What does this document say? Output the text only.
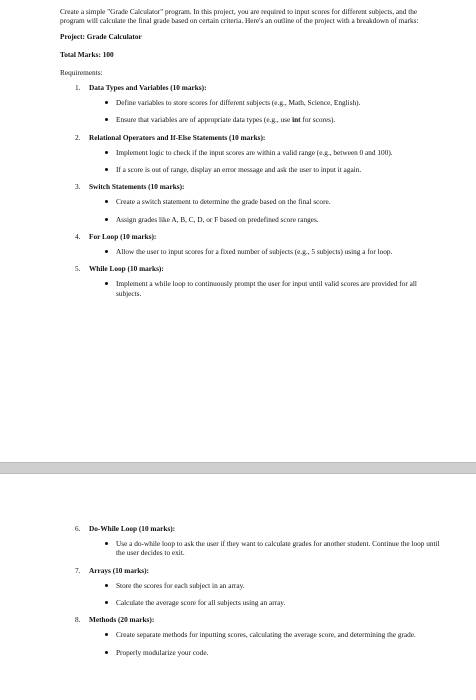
Create a simple "Grade Calculator" program. In this project, you are required to input scores for different subjects, and the program will calculate the final grade based on certain criteria. Here's an outline of the project with a breakdown of marks:

Project: Grade Calculator

Total Marks: 100

Requirements:

1. Data Types and Variables (10 marks):
Define variables to store scores for different subjects (e.g., Math, Science, English).
Ensure that variables are of appropriate data types (e.g., use int for scores).
2. Relational Operators and If-Else Statements (10 marks):
Implement logic to check if the input scores are within a valid range (e.g., between 0 and 100).
If a score is out of range, display an error message and ask the user to input it again.
3. Switch Statements (10 marks):
Create a switch statement to determine the grade based on the final score.
Assign grades like A, B, C, D, or F based on predefined score ranges.
4. For Loop (10 marks):
Allow the user to input scores for a fixed number of subjects (e.g., 5 subjects) using a for loop.
5. While Loop (10 marks):
Implement a while loop to continuously prompt the user for input until valid scores are provided for all subjects.
6. Do-While Loop (10 marks):
Use a do-while loop to ask the user if they want to calculate grades for another student. Continue the loop until the user decides to exit.
7. Arrays (10 marks):
Store the scores for each subject in an array.
Calculate the average score for all subjects using an array.
8. Methods (20 marks):
Create separate methods for inputting scores, calculating the average score, and determining the grade.
Properly modularize your code.
